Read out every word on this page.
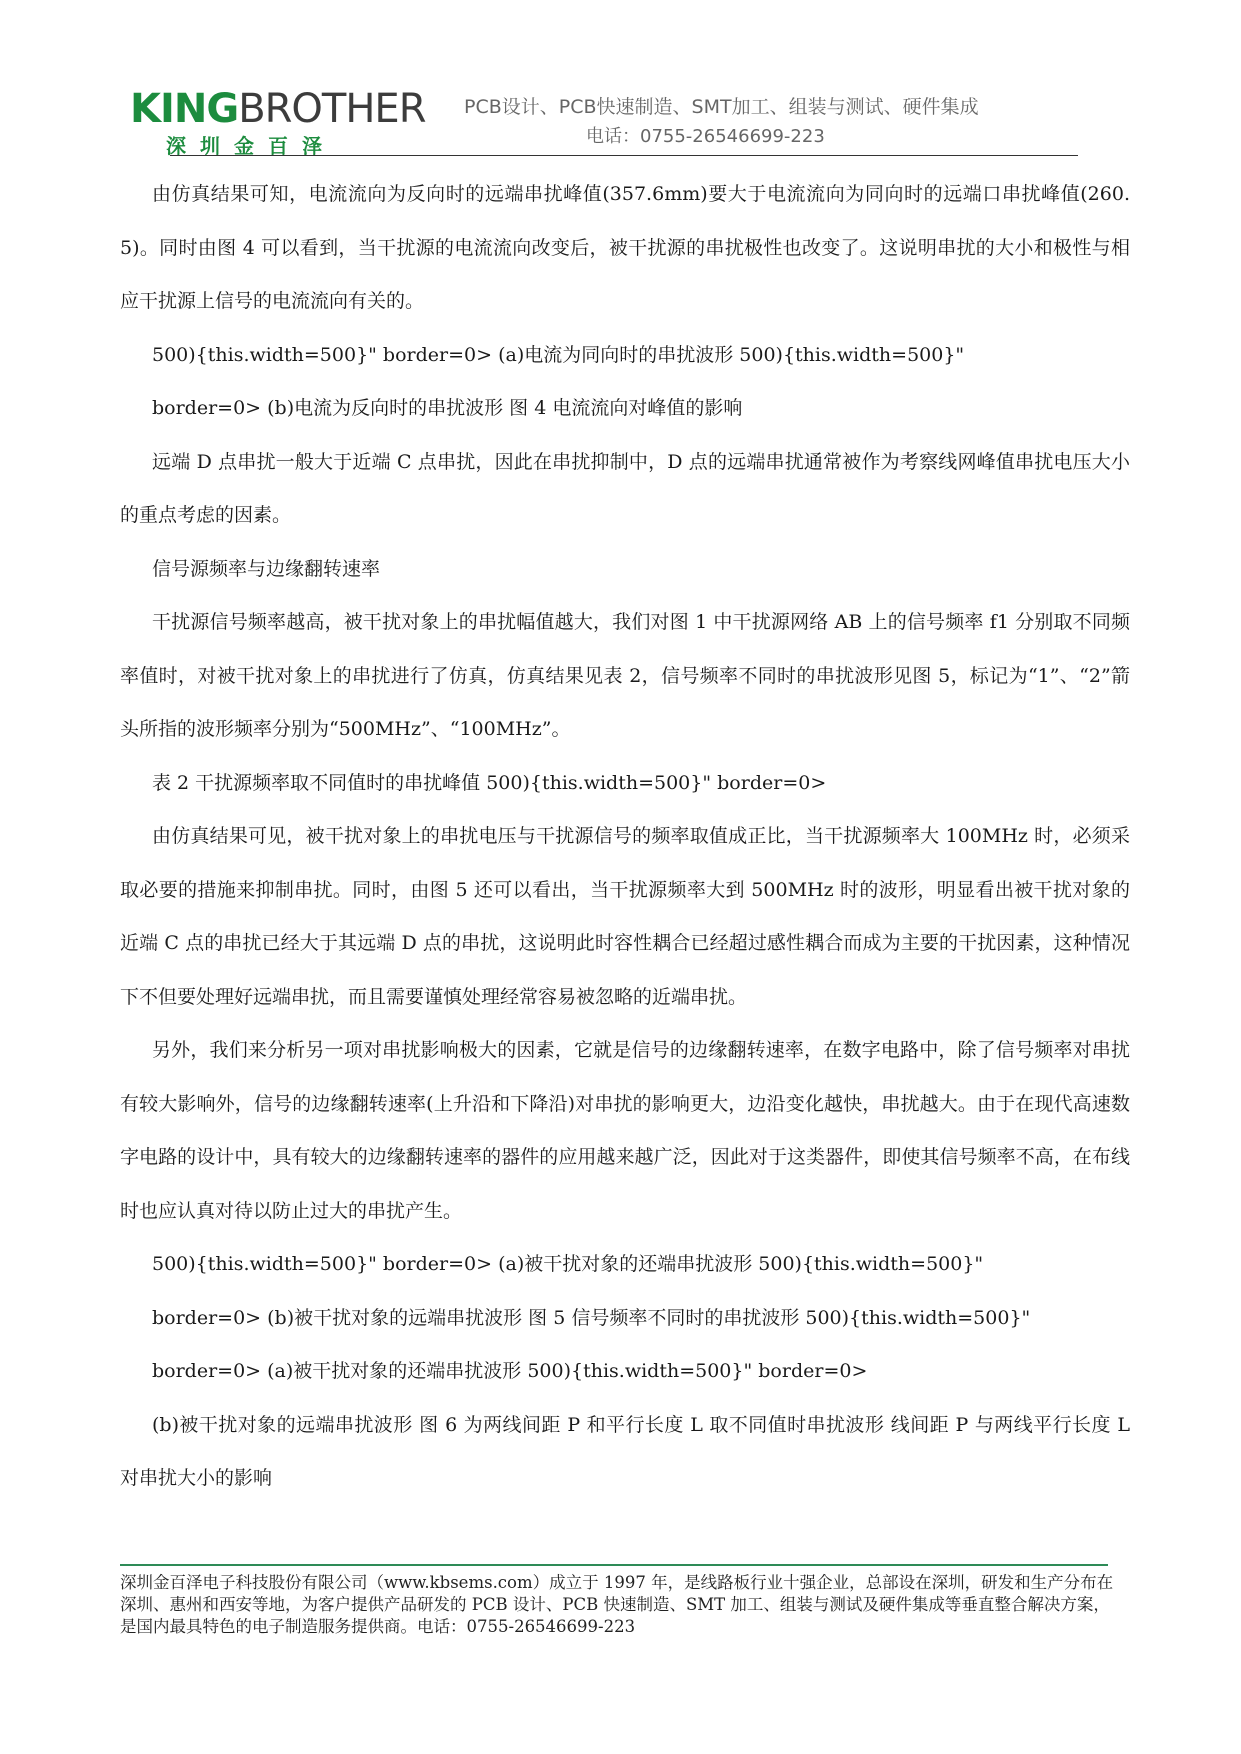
KINGBROTHER
深圳金百泽
PCB设计、PCB快速制造、SMT加工、组装与测试、硬件集成
电话：0755-26546699-223

由仿真结果可知，电流流向为反向时的远端串扰峰值(357.6mm)要大于电流流向为同向时的远端口串扰峰值(260.5)。同时由图 4 可以看到，当干扰源的电流流向改变后，被干扰源的串扰极性也改变了。这说明串扰的大小和极性与相应干扰源上信号的电流流向有关的。

500){this.width=500}" border=0> (a)电流为同向时的串扰波形 500){this.width=500}"

border=0> (b)电流为反向时的串扰波形 图 4 电流流向对峰值的影响

远端 D 点串扰一般大于近端 C 点串扰，因此在串扰抑制中，D 点的远端串扰通常被作为考察线网峰值串扰电压大小的重点考虑的因素。

信号源频率与边缘翻转速率

干扰源信号频率越高，被干扰对象上的串扰幅值越大，我们对图 1 中干扰源网络 AB 上的信号频率 f1 分别取不同频率值时，对被干扰对象上的串扰进行了仿真，仿真结果见表 2，信号频率不同时的串扰波形见图 5，标记为“1”、“2”箭头所指的波形频率分别为“500MHz”、“100MHz”。

表 2 干扰源频率取不同值时的串扰峰值 500){this.width=500}" border=0>

由仿真结果可见，被干扰对象上的串扰电压与干扰源信号的频率取值成正比，当干扰源频率大 100MHz 时，必须采取必要的措施来抑制串扰。同时，由图 5 还可以看出，当干扰源频率大到 500MHz 时的波形，明显看出被干扰对象的近端 C 点的串扰已经大于其远端 D 点的串扰，这说明此时容性耦合已经超过感性耦合而成为主要的干扰因素，这种情况下不但要处理好远端串扰，而且需要谨慎处理经常容易被忽略的近端串扰。

另外，我们来分析另一项对串扰影响极大的因素，它就是信号的边缘翻转速率，在数字电路中，除了信号频率对串扰有较大影响外，信号的边缘翻转速率(上升沿和下降沿)对串扰的影响更大，边沿变化越快，串扰越大。由于在现代高速数字电路的设计中，具有较大的边缘翻转速率的器件的应用越来越广泛，因此对于这类器件，即使其信号频率不高，在布线时也应认真对待以防止过大的串扰产生。

500){this.width=500}" border=0> (a)被干扰对象的还端串扰波形 500){this.width=500}"

border=0> (b)被干扰对象的远端串扰波形 图 5 信号频率不同时的串扰波形 500){this.width=500}"

border=0> (a)被干扰对象的还端串扰波形 500){this.width=500}" border=0>

(b)被干扰对象的远端串扰波形 图 6 为两线间距 P 和平行长度 L 取不同值时串扰波形 线间距 P 与两线平行长度 L 对串扰大小的影响

深圳金百泽电子科技股份有限公司（www.kbsems.com）成立于 1997 年，是线路板行业十强企业，总部设在深圳，研发和生产分布在深圳、惠州和西安等地，为客户提供产品研发的 PCB 设计、PCB 快速制造、SMT 加工、组装与测试及硬件集成等垂直整合解决方案，是国内最具特色的电子制造服务提供商。电话：0755-26546699-223
